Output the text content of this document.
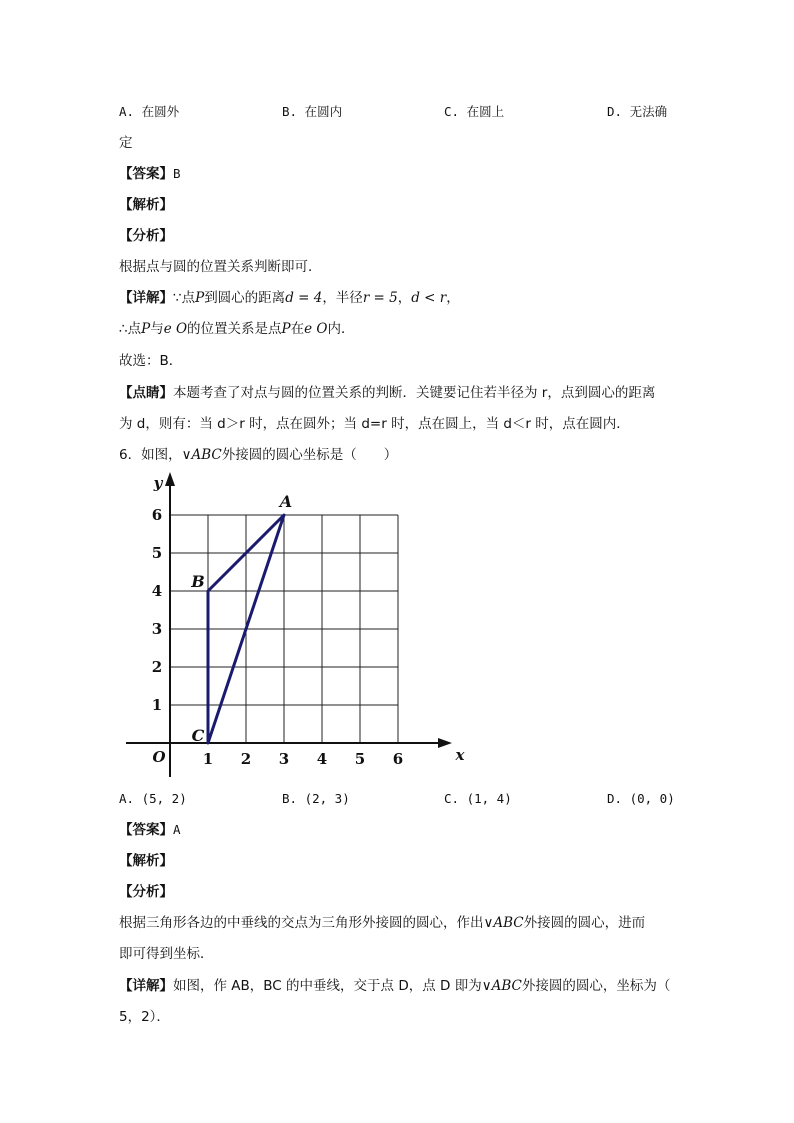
A. 在圆外	B. 在圆内	C. 在圆上	D. 无法确
定
【答案】B
【解析】
【分析】
根据点与圆的位置关系判断即可．
【详解】∵点P到圆心的距离d = 4，半径r = 5，d < r，
∴点P与e O的位置关系是点P在e O内．
故选：B．
【点睛】本题考查了对点与圆的位置关系的判断．关键要记住若半径为 r，点到圆心的距离
为 d，则有：当 d＞r 时，点在圆外；当 d=r 时，点在圆上，当 d＜r 时，点在圆内．
6．如图，∨ABC外接圆的圆心坐标是（　　）
1 2 3 4 5 6
1
2
3
4
5
6
O	x
y
A
B
C
A. (5, 2)	B. (2, 3)	C. (1, 4)	D. (0, 0)
【答案】A
【解析】
【分析】
根据三角形各边的中垂线的交点为三角形外接圆的圆心，作出∨ABC外接圆的圆心，进而
即可得到坐标．
【详解】如图，作 AB，BC 的中垂线，交于点 D，点 D 即为∨ABC外接圆的圆心，坐标为（
5，2）．
